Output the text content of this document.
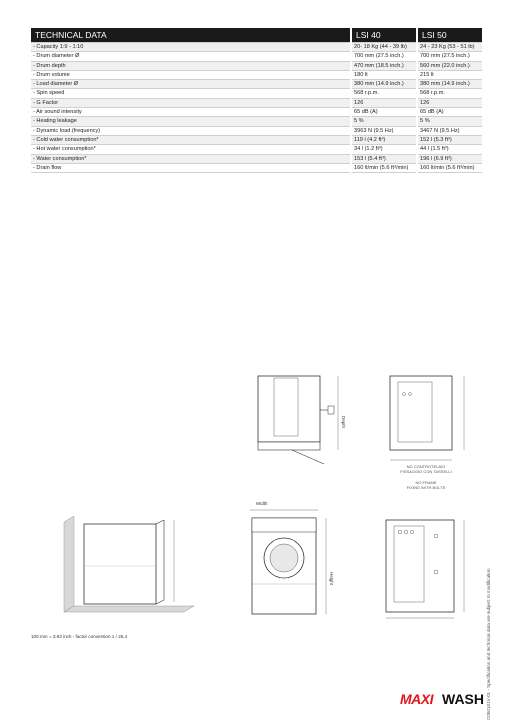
TECHNICAL DATA	LSI 40	LSI 50
- Capacity 1:9 - 1:10	20- 18 Kg (44 - 39 lb)	24 - 23 Kg (53 - 51 lb)
- Drum diameter Ø	700 mm (27.5 inch.)	700 mm (27.5 inch.)
- Drum depth	470 mm (18.5 inch.)	560 mm (22.0 inch.)
- Drum volume	180 lt	215 lt
- Load diameter Ø	380 mm (14.9 inch.)	380 mm (14.9 inch.)
- Spin speed	568 r.p.m.	568 r.p.m.
- G Factor	126	126
- Air sound intensity	65 dB (A)	65 dB (A)
- Heating leakage	5 %	5 %
- Dynamic load (frequency)	3963 N (9.5 Hz)	3467 N (9.5 Hz)
- Cold water consumption*	119 l (4.2 ft³)	152 l (5.3 ft³)
- Hot water consumption*	34 l (1.2 ft³)	44 l (1.5 ft³)
- Water consumption*	153 l (5.4 ft³)	196 l (6.9 ft³)
- Drain flow	160 lt/min (5.6 ft³/min)	160 lt/min (5.6 ft³/min)
Depth
NO CONTROTELAIO
FISSAGGIO CON TASSELLI
NO FRAME
FIXING WITH BOLTS
Width
Height
100 mm = 3.93 inch - factor conversion 1 / 25,4	C050101V-01 - Specification and technical data are subject to modification.
MAXI WASH
